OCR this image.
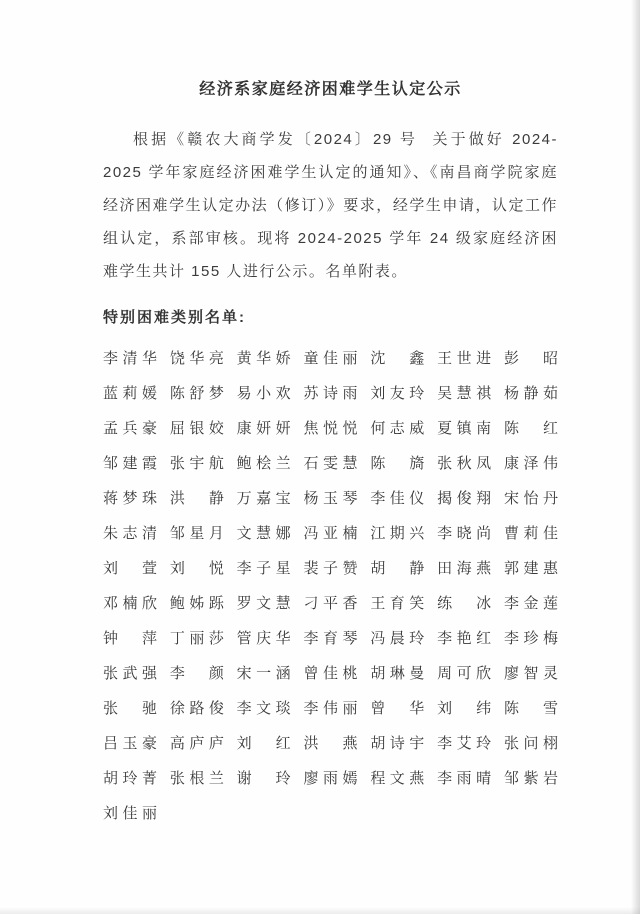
经济系家庭经济困难学生认定公示

根据《赣农大商学发〔2024〕29 号  关于做好 2024-2025 学年家庭经济困难学生认定的通知》、《南昌商学院家庭经济困难学生认定办法（修订）》要求，经学生申请，认定工作组认定，系部审核。现将 2024-2025 学年 24 级家庭经济困难学生共计 155 人进行公示。名单附表。

特别困难类别名单:
李清华 饶华亮 黄华娇 童佳丽 沈鑫 王世进 彭昭
蓝莉媛 陈舒梦 易小欢 苏诗雨 刘友玲 吴慧祺 杨静茹
孟兵豪 屈银姣 康妍妍 焦悦悦 何志威 夏镇南 陈红
邹建霞 张宇航 鲍桧兰 石雯慧 陈旖 张秋凤 康泽伟
蒋梦珠 洪静 万嘉宝 杨玉琴 李佳仪 揭俊翔 宋怡丹
朱志清 邹星月 文慧娜 冯亚楠 江期兴 李晓尚 曹莉佳
刘萱 刘悦 李子星 裴子赞 胡静 田海燕 郭建惠
邓楠欣 鲍姊跞 罗文慧 刁平香 王育笑 练冰 李金莲
钟萍 丁丽莎 管庆华 李育琴 冯晨玲 李艳红 李珍梅
张武强 李颜 宋一涵 曾佳桃 胡琳曼 周可欣 廖智灵
张驰 徐路俊 李文琰 李伟丽 曾华 刘纬 陈雪
吕玉豪 高庐庐 刘红 洪燕 胡诗宇 李艾玲 张问栩
胡玲菁 张根兰 谢玲 廖雨嫣 程文燕 李雨晴 邹紫岩
刘佳丽
